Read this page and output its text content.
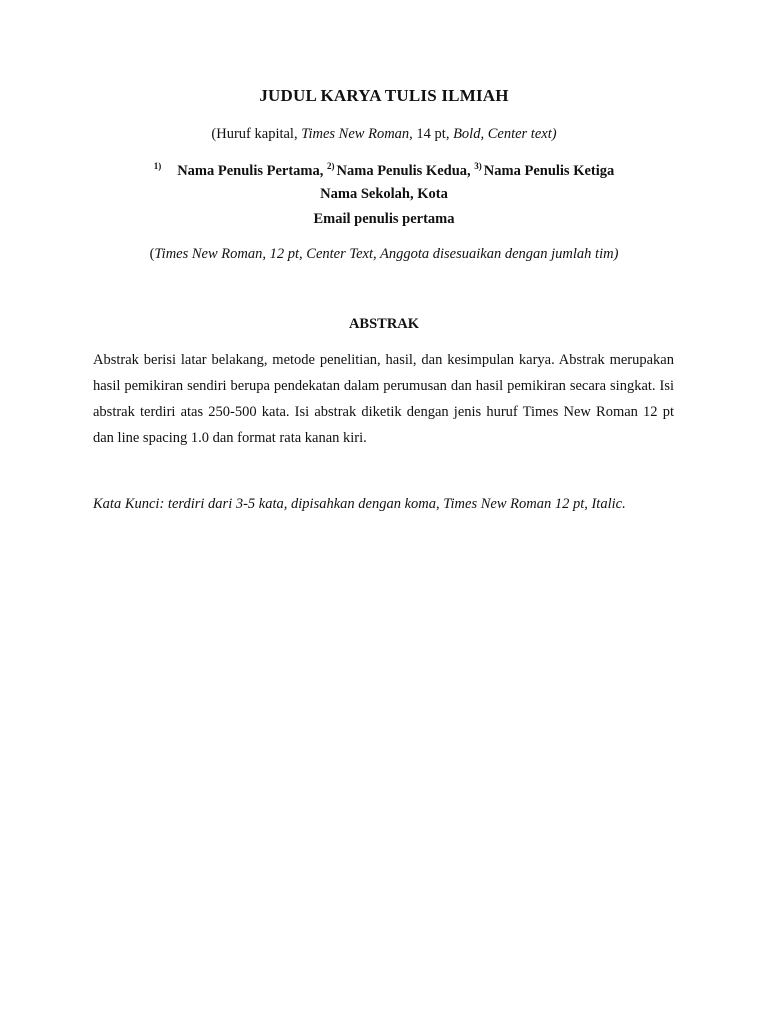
JUDUL KARYA TULIS ILMIAH
(Huruf kapital, Times New Roman, 14 pt, Bold, Center text)
$^{1)}$ Nama Penulis Pertama, $^{2)}$ Nama Penulis Kedua, $^{3)}$ Nama Penulis Ketiga
Nama Sekolah, Kota
Email penulis pertama
(Times New Roman, 12 pt, Center Text, Anggota disesuaikan dengan jumlah tim)
ABSTRAK
Abstrak berisi latar belakang, metode penelitian, hasil, dan kesimpulan karya. Abstrak merupakan hasil pemikiran sendiri berupa pendekatan dalam perumusan dan hasil pemikiran secara singkat. Isi abstrak terdiri atas 250-500 kata. Isi abstrak diketik dengan jenis huruf Times New Roman 12 pt dan line spacing 1.0 dan format rata kanan kiri.
Kata Kunci: terdiri dari 3-5 kata, dipisahkan dengan koma, Times New Roman 12 pt, Italic.
